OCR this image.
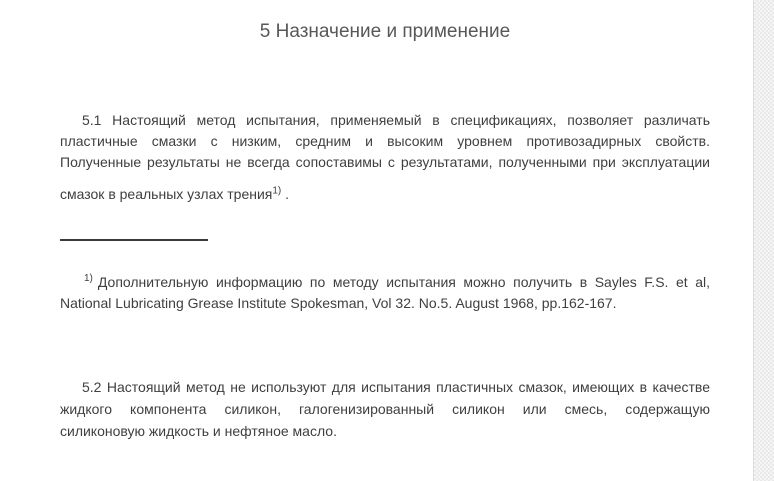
5 Назначение и применение
5.1 Настоящий метод испытания, применяемый в спецификациях, позволяет различать
пластичные смазки с низким, средним и высоким уровнем противозадирных свойств.
Полученные результаты не всегда сопоставимы с результатами, полученными при эксплуатации
смазок в реальных узлах трения$^{1)}$ .
$^{1)}$ Дополнительную информацию по методу испытания можно получить в Sayles F.S. et al,
National Lubricating Grease Institute Spokesman, Vol 32. No.5. August 1968, pp.162-167.
5.2 Настоящий метод не используют для испытания пластичных смазок, имеющих в качестве
жидкого компонента силикон, галогенизированный силикон или смесь, содержащую
силиконовую жидкость и нефтяное масло.
